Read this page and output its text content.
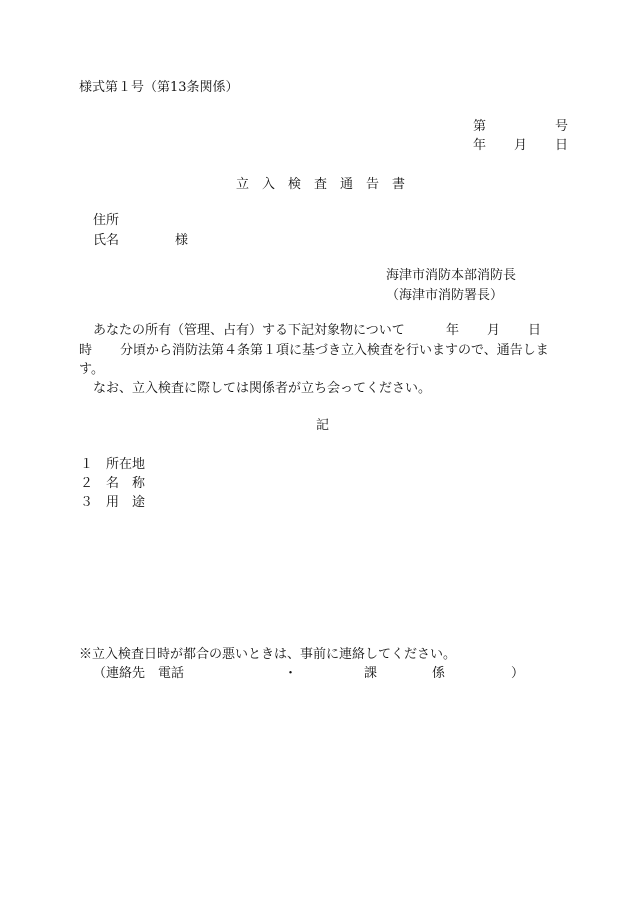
様式第１号（第13条関係）
第	号
年 月 日
立　入　検　査　通　告　書
住所
氏名	様
海津市消防本部消防長
（海津市消防署長）
あなたの所有（管理、占有）する下記対象物について	年 月 日
時 分頃から消防法第４条第１項に基づき立入検査を行いますので、通告しま
す。
なお、立入検査に際しては関係者が立ち会ってください。
記
１ 所在地
２ 名　称
３ 用　途
※立入検査日時が都合の悪いときは、事前に連絡してください。
（連絡先　電話	・	課	係	）
